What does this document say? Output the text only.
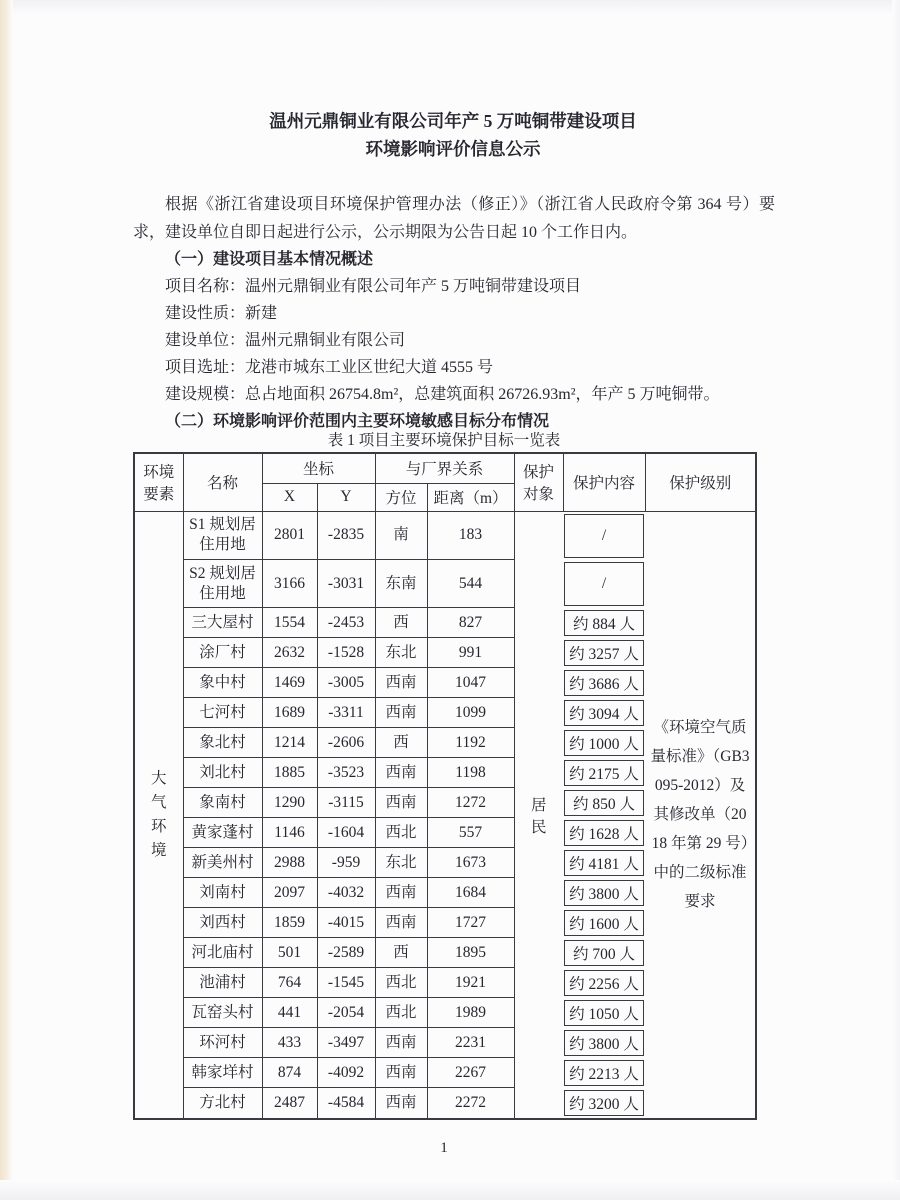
温州元鼎铜业有限公司年产 5 万吨铜带建设项目
环境影响评价信息公示
根据《浙江省建设项目环境保护管理办法（修正）》（浙江省人民政府令第 364 号）要求，建设单位自即日起进行公示，公示期限为公告日起 10 个工作日内。
（一）建设项目基本情况概述
项目名称：温州元鼎铜业有限公司年产 5 万吨铜带建设项目
建设性质：新建
建设单位：温州元鼎铜业有限公司
项目选址：龙港市城东工业区世纪大道 4555 号
建设规模：总占地面积 26754.8m²，总建筑面积 26726.93m²，年产 5 万吨铜带。
（二）环境影响评价范围内主要环境敏感目标分布情况
表 1 项目主要环境保护目标一览表
环境要素	名称	坐标		与厂界关系		保护对象	保护内容	保护级别
		X	Y	方位	距离（m）			
大气环境	S1 规划居住用地	2801	-2835	南	183	居民	/	《环境空气质量标准》（GB3095-2012）及其修改单（2018 年第 29 号）中的二级标准要求
	S2 规划居住用地	3166	-3031	东南	544		/	

	三大屋村	1554	-2453	西	827		约 884 人	

	涂厂村	2632	-1528	东北	991		约 3257 人	

	象中村	1469	-3005	西南	1047		约 3686 人	

	七河村	1689	-3311	西南	1099		约 3094 人	

	象北村	1214	-2606	西	1192		约 1000 人	

	刘北村	1885	-3523	西南	1198		约 2175 人	

	象南村	1290	-3115	西南	1272		约 850 人	

	黄家蓬村	1146	-1604	西北	557		约 1628 人	

	新美州村	2988	-959	东北	1673		约 4181 人	

	刘南村	2097	-4032	西南	1684		约 3800 人	

	刘西村	1859	-4015	西南	1727		约 1600 人	

	河北庙村	501	-2589	西	1895		约 700 人	

	池浦村	764	-1545	西北	1921		约 2256 人	

	瓦窑头村	441	-2054	西北	1989		约 1050 人	

	环河村	433	-3497	西南	2231		约 3800 人	

	韩家垟村	874	-4092	西南	2267		约 2213 人	

	方北村	2487	-4584	西南	2272		约 3200 人	
1
